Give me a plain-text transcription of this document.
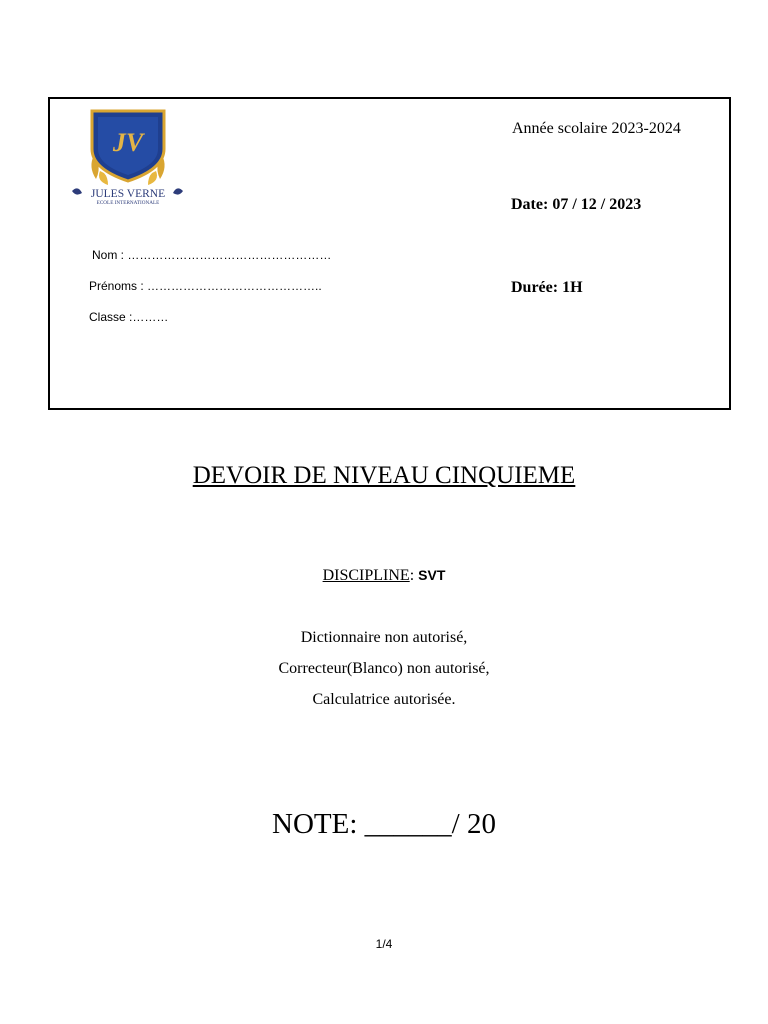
JV
JULES VERNE
ECOLE INTERNATIONALE
Nom : ……………………………………………
Prénoms : ……………………………………..
Classe :………
Année scolaire 2023-2024
Date: 07 / 12 / 2023
Durée: 1H
DEVOIR DE NIVEAU CINQUIEME
DISCIPLINE: SVT
Dictionnaire non autorisé,
Correcteur(Blanco) non autorisé,
Calculatrice autorisée.
NOTE: ______/ 20
1/4
